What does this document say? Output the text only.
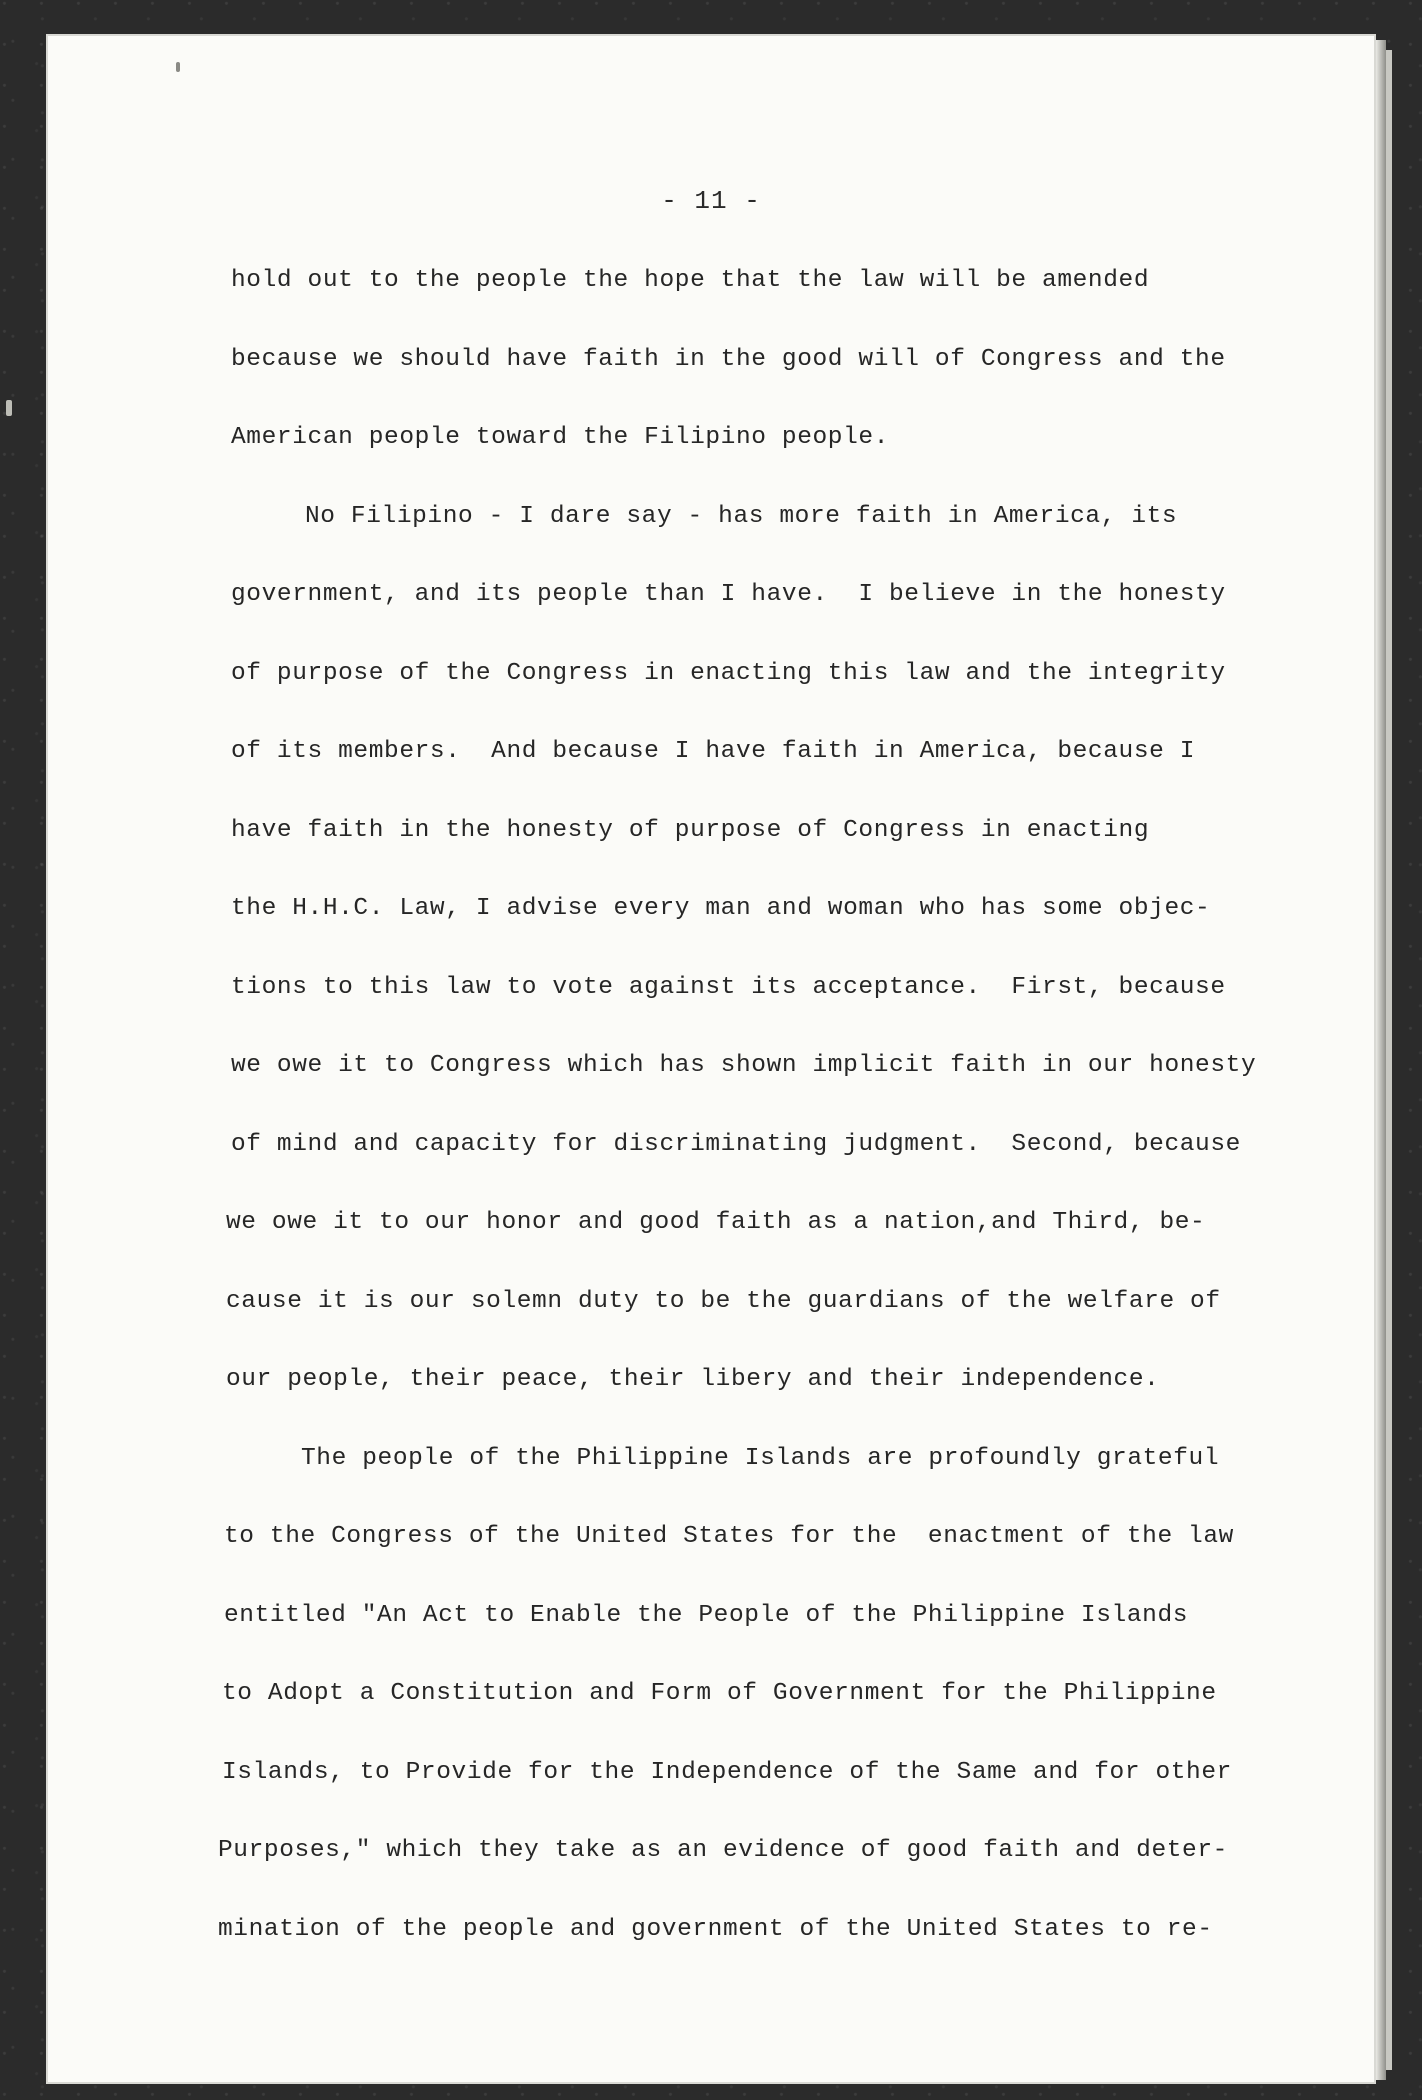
- 11 -
hold out to the people the hope that the law will be amended
because we should have faith in the good will of Congress and the
American people toward the Filipino people.
No Filipino - I dare say - has more faith in America, its
government, and its people than I have.  I believe in the honesty
of purpose of the Congress in enacting this law and the integrity
of its members.  And because I have faith in America, because I
have faith in the honesty of purpose of Congress in enacting
the H.H.C. Law, I advise every man and woman who has some objec-
tions to this law to vote against its acceptance.  First, because
we owe it to Congress which has shown implicit faith in our honesty
of mind and capacity for discriminating judgment.  Second, because
we owe it to our honor and good faith as a nation,and Third, be-
cause it is our solemn duty to be the guardians of the welfare of
our people, their peace, their libery and their independence.
The people of the Philippine Islands are profoundly grateful
to the Congress of the United States for the  enactment of the law
entitled "An Act to Enable the People of the Philippine Islands
to Adopt a Constitution and Form of Government for the Philippine
Islands, to Provide for the Independence of the Same and for other
Purposes," which they take as an evidence of good faith and deter-
mination of the people and government of the United States to re-
